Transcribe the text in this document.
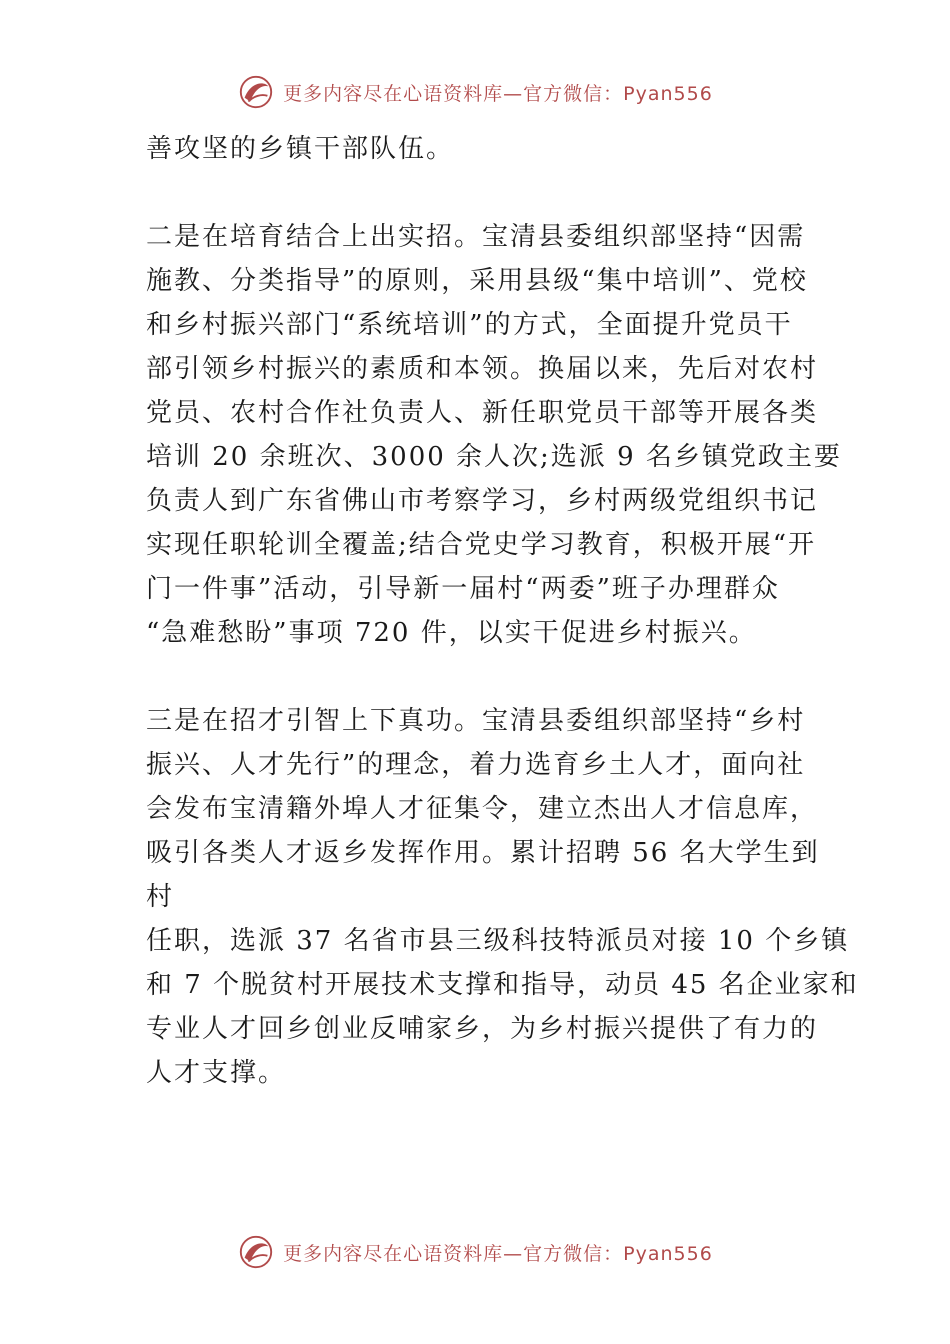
更多内容尽在心语资料库—官方微信：Pyan556
善攻坚的乡镇干部队伍。
二是在培育结合上出实招。宝清县委组织部坚持“因需
施教、分类指导”的原则，采用县级“集中培训”、党校
和乡村振兴部门“系统培训”的方式，全面提升党员干
部引领乡村振兴的素质和本领。换届以来，先后对农村
党员、农村合作社负责人、新任职党员干部等开展各类
培训 20 余班次、3000 余人次;选派 9 名乡镇党政主要
负责人到广东省佛山市考察学习，乡村两级党组织书记
实现任职轮训全覆盖;结合党史学习教育，积极开展“开
门一件事”活动，引导新一届村“两委”班子办理群众
“急难愁盼”事项 720 件，以实干促进乡村振兴。
三是在招才引智上下真功。宝清县委组织部坚持“乡村
振兴、人才先行”的理念，着力选育乡土人才，面向社
会发布宝清籍外埠人才征集令，建立杰出人才信息库，
吸引各类人才返乡发挥作用。累计招聘 56 名大学生到
村
任职，选派 37 名省市县三级科技特派员对接 10 个乡镇
和 7 个脱贫村开展技术支撑和指导，动员 45 名企业家和
专业人才回乡创业反哺家乡，为乡村振兴提供了有力的
人才支撑。
更多内容尽在心语资料库—官方微信：Pyan556
